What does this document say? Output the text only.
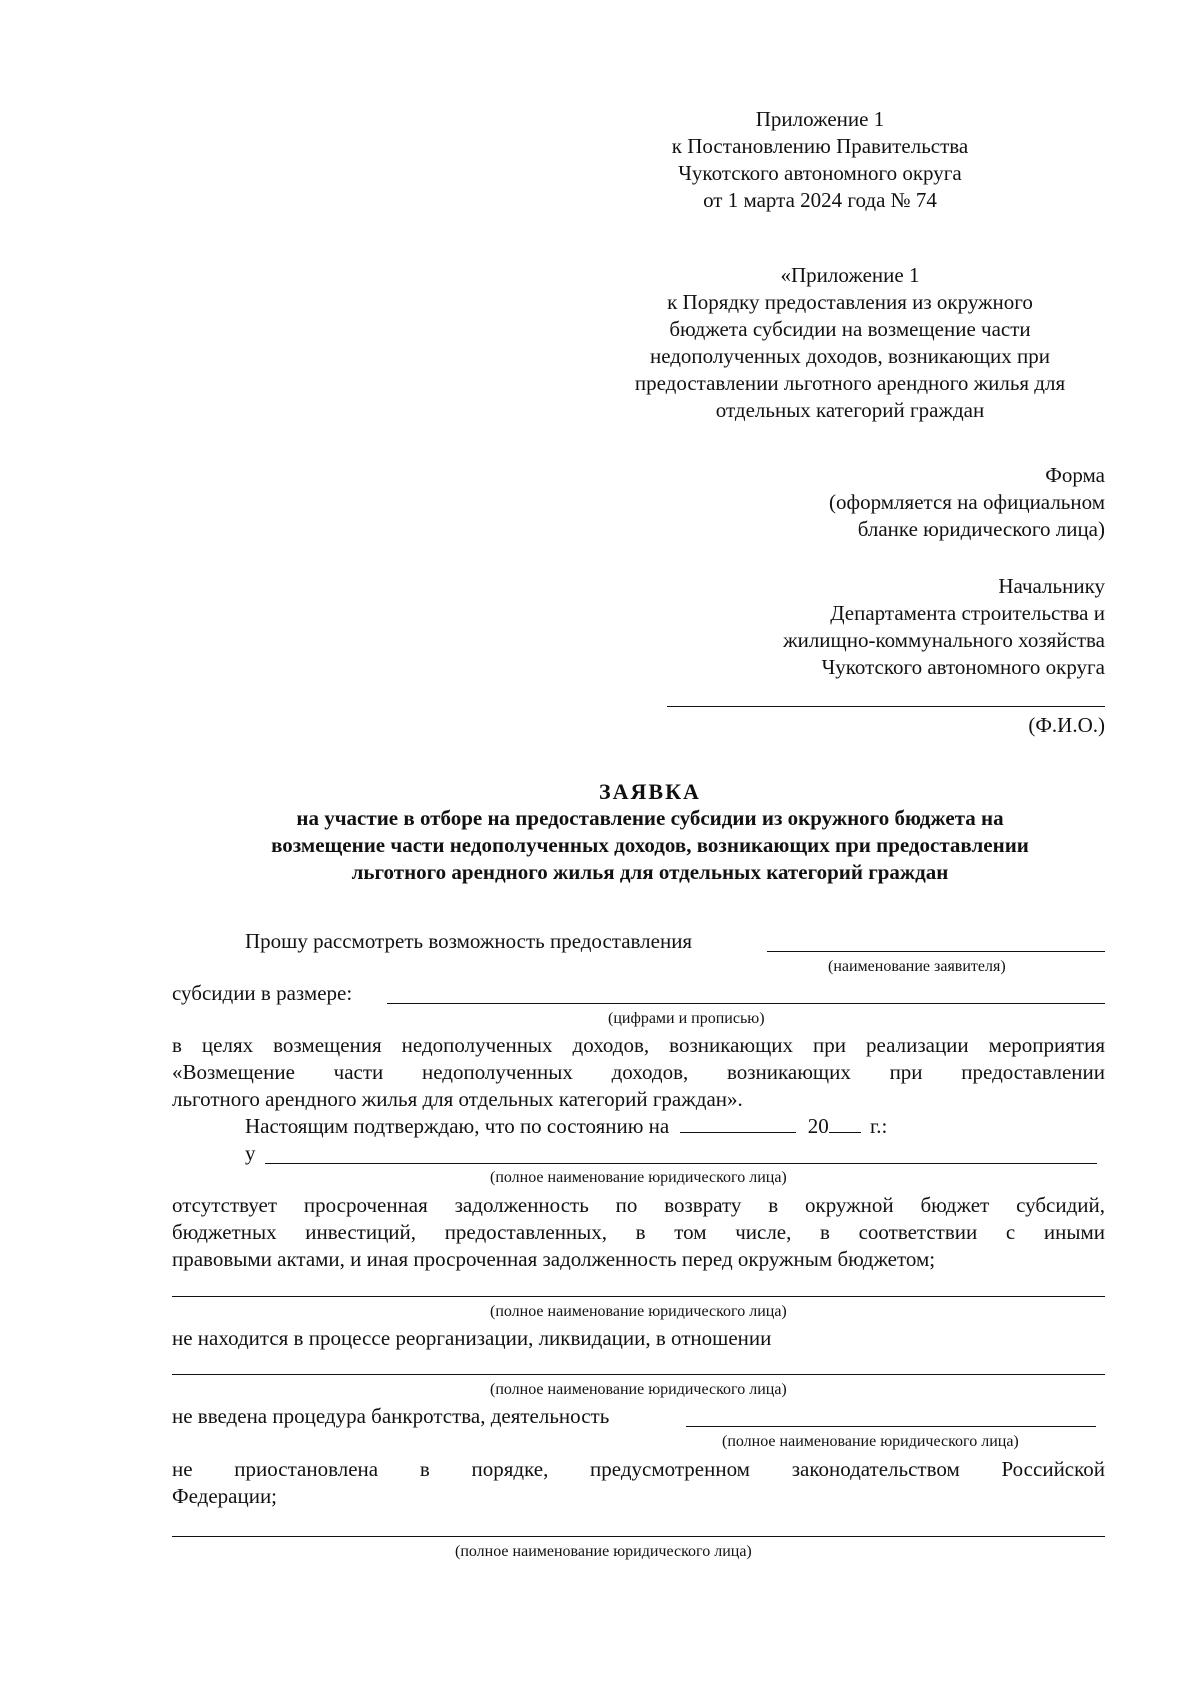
Приложение 1
к Постановлению Правительства
Чукотского автономного округа
от 1 марта 2024 года № 74
«Приложение 1
к Порядку предоставления из окружного
бюджета субсидии на возмещение части
недополученных доходов, возникающих при
предоставлении льготного арендного жилья для
отдельных категорий граждан
Форма
(оформляется на официальном
бланке юридического лица)
Начальнику
Департамента строительства и
жилищно-коммунального хозяйства
Чукотского автономного округа
(Ф.И.О.)
ЗАЯВКА
на участие в отборе на предоставление субсидии из окружного бюджета на
возмещение части недополученных доходов, возникающих при предоставлении
льготного арендного жилья для отдельных категорий граждан
Прошу рассмотреть возможность предоставления
(наименование заявителя)
субсидии в размере:
(цифрами и прописью)
в целях возмещения недополученных доходов, возникающих при реализации мероприятия
«Возмещение части недополученных доходов, возникающих при предоставлении
льготного арендного жилья для отдельных категорий граждан».
Настоящим подтверждаю, что по состоянию на	20 г.:
у
(полное наименование юридического лица)
отсутствует просроченная задолженность по возврату в окружной бюджет субсидий,
бюджетных инвестиций, предоставленных, в том числе, в соответствии с иными
правовыми актами, и иная просроченная задолженность перед окружным бюджетом;
(полное наименование юридического лица)
не находится в процессе реорганизации, ликвидации, в отношении
(полное наименование юридического лица)
не введена процедура банкротства, деятельность
(полное наименование юридического лица)
не приостановлена в порядке, предусмотренном законодательством Российской
Федерации;
(полное наименование юридического лица)
